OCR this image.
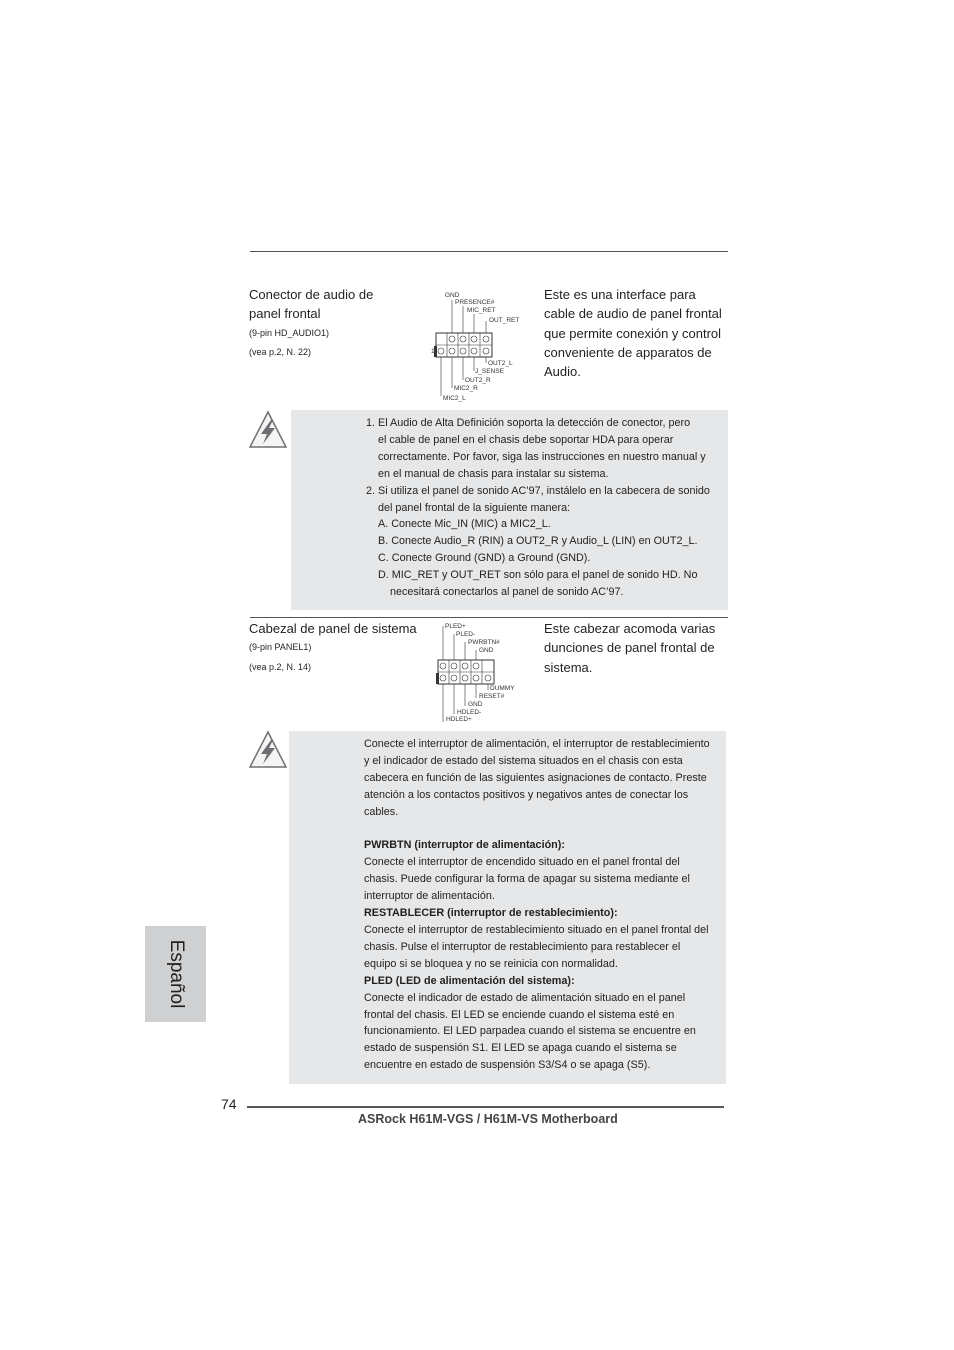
Conector de audio de
panel frontal
(9-pin HD_AUDIO1)
(vea p.2, N. 22)
Este es una interface para
cable de audio de panel frontal
que permite conexión y control
conveniente de apparatos de
Audio.
GND
PRESENCE#
MIC_RET
OUT_RET
OUT2_L
J_SENSE
OUT2_R
MIC2_R
MIC2_L
1

1. El Audio de Alta Definición soporta la detección de conector, pero

el cable de panel en el chasis debe soportar HDA para operar

correctamente. Por favor, siga las instrucciones en nuestro manual y

en el manual de chasis para instalar su sistema.

2. Si utiliza el panel de sonido AC’97, instálelo en la cabecera de sonido

del panel frontal de la siguiente manera:

A. Conecte Mic_IN (MIC) a MIC2_L.

B. Conecte Audio_R (RIN) a OUT2_R y Audio_L (LIN) en OUT2_L.

C. Conecte Ground (GND) a Ground (GND).

D. MIC_RET y OUT_RET son sólo para el panel de sonido HD. No

necesitará conectarlos al panel de sonido AC’97.

Cabezal de panel de sistema
(9-pin PANEL1)
(vea p.2, N. 14)
Este cabezar acomoda varias
dunciones de panel frontal de
sistema.
PLED+
PLED-
PWRBTN#
GND
DUMMY
RESET#
GND
HDLED-
HDLED+

Conecte el interruptor de alimentación, el interruptor de restablecimiento

y el indicador de estado del sistema situados en el chasis con esta

cabecera en función de las siguientes asignaciones de contacto. Preste

atención a los contactos positivos y negativos antes de conectar los

cables.

PWRBTN (interruptor de alimentación):

Conecte el interruptor de encendido situado en el panel frontal del

chasis. Puede configurar la forma de apagar su sistema mediante el

interruptor de alimentación.

RESTABLECER (interruptor de restablecimiento):

Conecte el interruptor de restablecimiento situado en el panel frontal del

chasis. Pulse el interruptor de restablecimiento para restablecer el

equipo si se bloquea y no se reinicia con normalidad.

PLED (LED de alimentación del sistema):

Conecte el indicador de estado de alimentación situado en el panel

frontal del chasis. El LED se enciende cuando el sistema esté en

funcionamiento. El LED parpadea cuando el sistema se encuentre en

estado de suspensión S1. El LED se apaga cuando el sistema se

encuentre en estado de suspensión S3/S4 o se apaga (S5).

Español
74
ASRock H61M-VGS / H61M-VS Motherboard
